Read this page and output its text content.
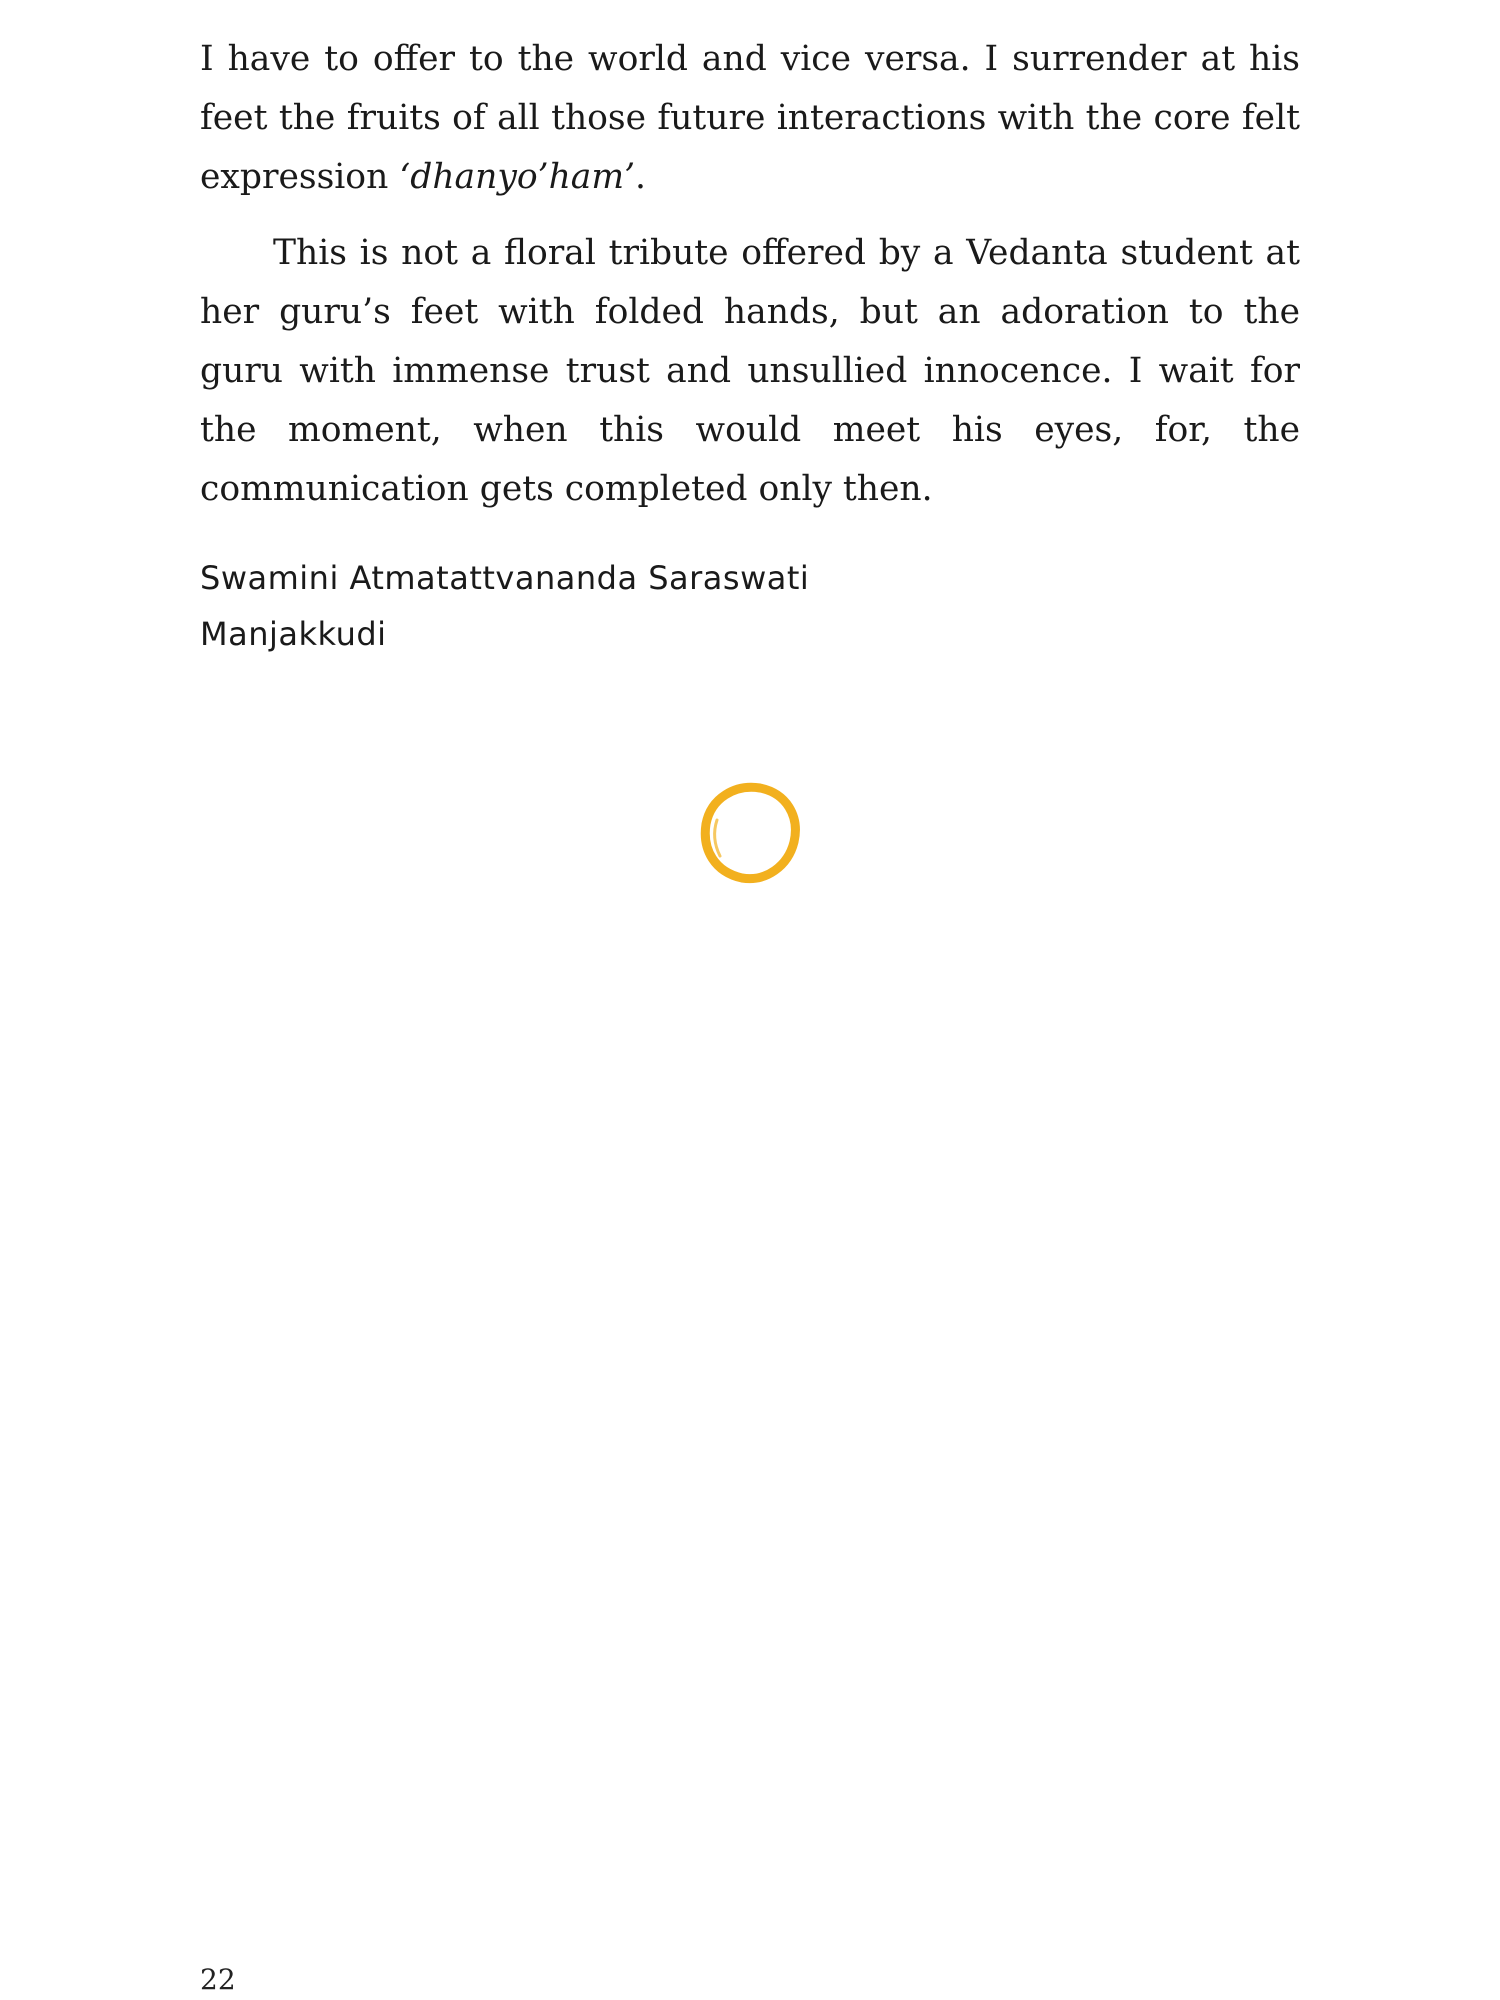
I have to offer to the world and vice versa. I surrender at his feet the fruits of all those future interactions with the core felt expression ‘dhanyo’ham’.

This is not a floral tribute offered by a Vedanta student at her guru’s feet with folded hands, but an adoration to the guru with immense trust and unsullied innocence. I wait for the moment, when this would meet his eyes, for, the communication gets completed only then.

Swamini Atmatattvananda Saraswati
Manjakkudi
22
